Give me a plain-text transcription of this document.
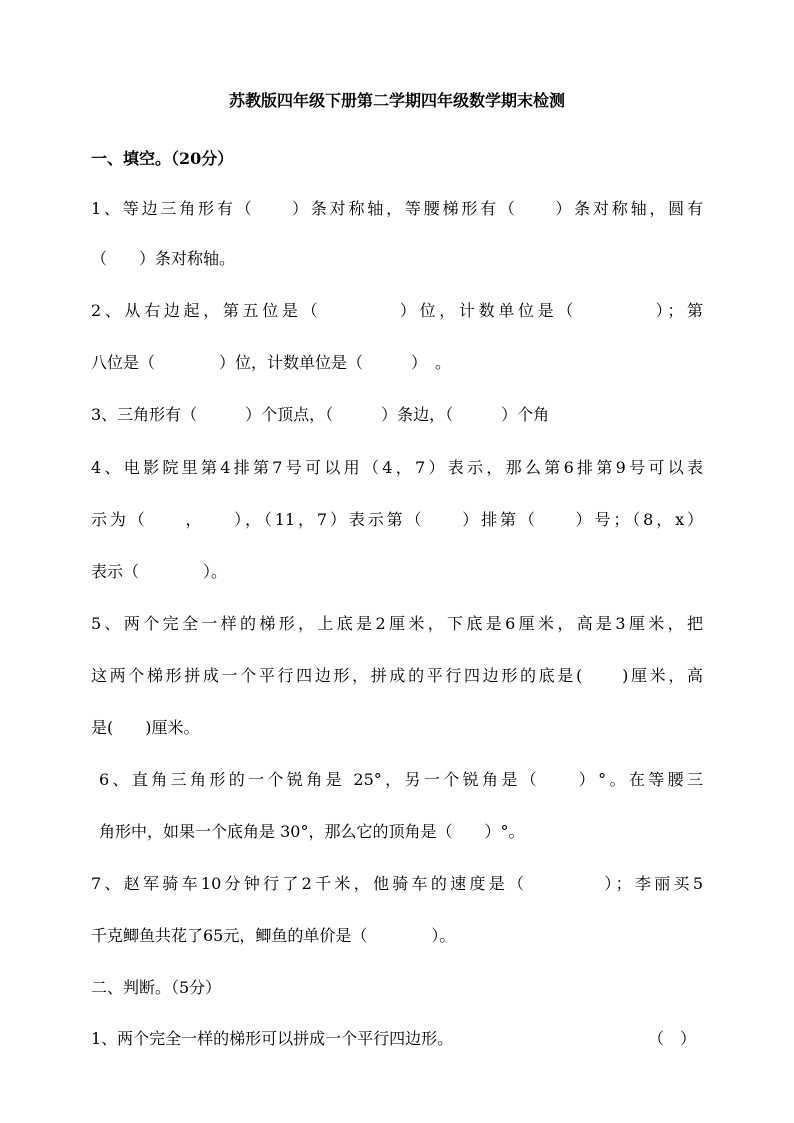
苏教版四年级下册第二学期四年级数学期末检测
一、填空。（20分）
1、等边三角形有（　　）条对称轴，等腰梯形有（　　）条对称轴，圆有
（　　）条对称轴。
2、从右边起，第五位是（　　　　）位，计数单位是（　　　　）；第
八位是（　　　　）位，计数单位是（　　　）　。
3、三角形有（　　　）个顶点，（　　　）条边，（　　　）个角
4、电影院里第4排第7号可以用（4，7）表示，那么第6排第9号可以表
示为（　　，　　），（11，7）表示第（　　）排第（　　）号；（8，x）
表示（　　　　）。
5、两个完全一样的梯形，上底是2厘米，下底是6厘米，高是3厘米，把
这两个梯形拼成一个平行四边形，拼成的平行四边形的底是(　　)厘米，高
是(　　)厘米。
6、直角三角形的一个锐角是 25°，另一个锐角是（　　）°。在等腰三
角形中，如果一个底角是 30°，那么它的顶角是（　　）°。
7、赵军骑车10分钟行了2千米，他骑车的速度是（　　　　）；李丽买5
千克鲫鱼共花了65元，鲫鱼的单价是（　　　　）。
二、判断。（5分）
1、两个完全一样的梯形可以拼成一个平行四边形。	（　）
